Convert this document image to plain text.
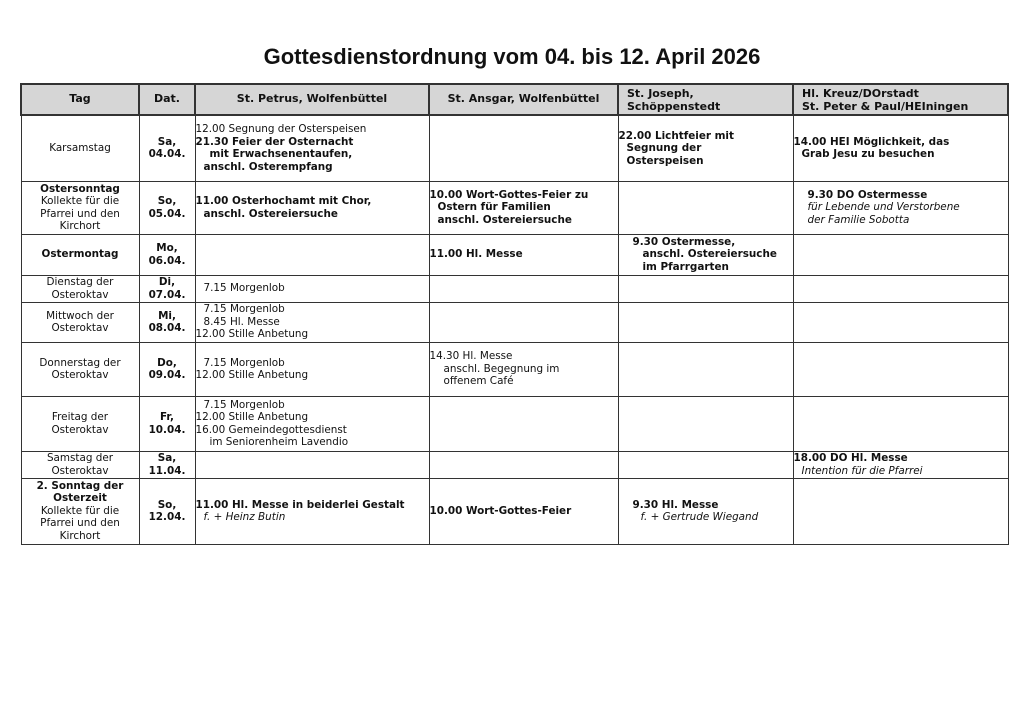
Gottesdienstordnung vom 04. bis 12. April 2026
Tag	Dat.	St. Petrus, Wolfenbüttel	St. Ansgar, Wolfenbüttel	St. Joseph,
Schöppenstedt	Hl. Kreuz/DOrstadt
St. Peter & Paul/HEIningen

Karsamstag	Sa,
04.04.	12.00 Segnung der Osterspeisen
21.30 Feier der Osternacht
mit Erwachsenentaufen,
anschl. Osterempfang		22.00 Lichtfeier mit
Segnung der
Osterspeisen	14.00 HEI Möglichkeit, das
Grab Jesu zu besuchen

Ostersonntag
Kollekte für die
Pfarrei und den
Kirchort	So,
05.04.	11.00 Osterhochamt mit Chor,
anschl. Ostereiersuche	10.00 Wort-Gottes-Feier zu
Ostern für Familien
anschl. Ostereiersuche		9.30 DO Ostermesse
für Lebende und Verstorbene
der Familie Sobotta

Ostermontag	Mo,
06.04.		11.00 Hl. Messe	9.30 Ostermesse,
anschl. Ostereiersuche
im Pfarrgarten	

Dienstag der
Osteroktav	Di,
07.04.	7.15 Morgenlob			

Mittwoch der
Osteroktav	Mi,
08.04.	7.15 Morgenlob
8.45 Hl. Messe
12.00 Stille Anbetung			

Donnerstag der
Osteroktav	Do,
09.04.	7.15 Morgenlob
12.00 Stille Anbetung	14.30 Hl. Messe
anschl. Begegnung im
offenem Café		

Freitag der
Osteroktav	Fr,
10.04.	7.15 Morgenlob
12.00 Stille Anbetung
16.00 Gemeindegottesdienst
im Seniorenheim Lavendio			

Samstag der
Osteroktav	Sa,
11.04.				18.00 DO Hl. Messe
Intention für die Pfarrei

2. Sonntag der
Osterzeit
Kollekte für die
Pfarrei und den
Kirchort	So,
12.04.	11.00 Hl. Messe in beiderlei Gestalt
f. + Heinz Butin	10.00 Wort-Gottes-Feier	9.30 Hl. Messe
f. + Gertrude Wiegand	
